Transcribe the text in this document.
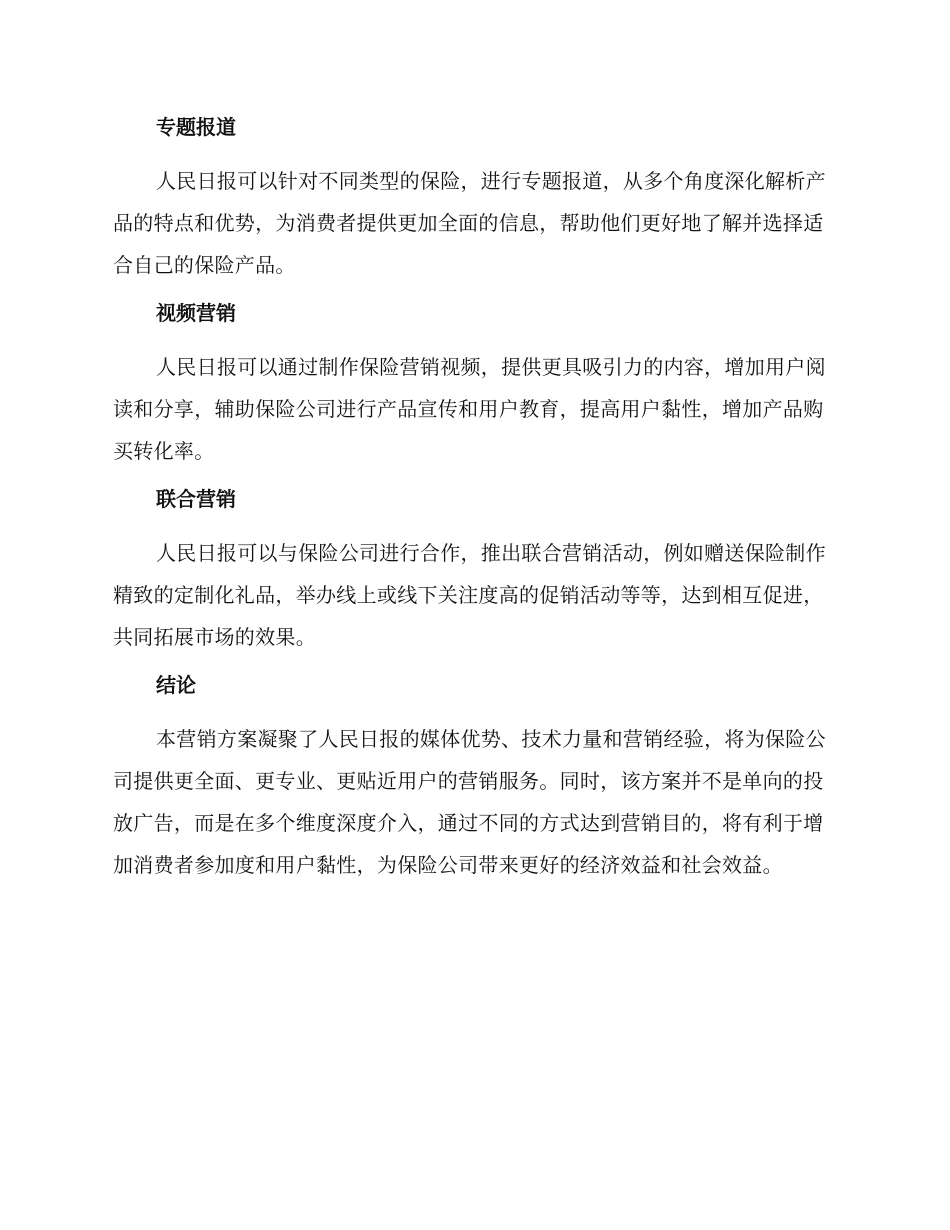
专题报道

人民日报可以针对不同类型的保险，进行专题报道，从多个角度深化解析产品的特点和优势，为消费者提供更加全面的信息，帮助他们更好地了解并选择适合自己的保险产品。

视频营销

人民日报可以通过制作保险营销视频，提供更具吸引力的内容，增加用户阅读和分享，辅助保险公司进行产品宣传和用户教育，提高用户黏性，增加产品购买转化率。

联合营销

人民日报可以与保险公司进行合作，推出联合营销活动，例如赠送保险制作精致的定制化礼品，举办线上或线下关注度高的促销活动等等，达到相互促进，共同拓展市场的效果。

结论

本营销方案凝聚了人民日报的媒体优势、技术力量和营销经验，将为保险公司提供更全面、更专业、更贴近用户的营销服务。同时，该方案并不是单向的投放广告，而是在多个维度深度介入，通过不同的方式达到营销目的，将有利于增加消费者参加度和用户黏性，为保险公司带来更好的经济效益和社会效益。
